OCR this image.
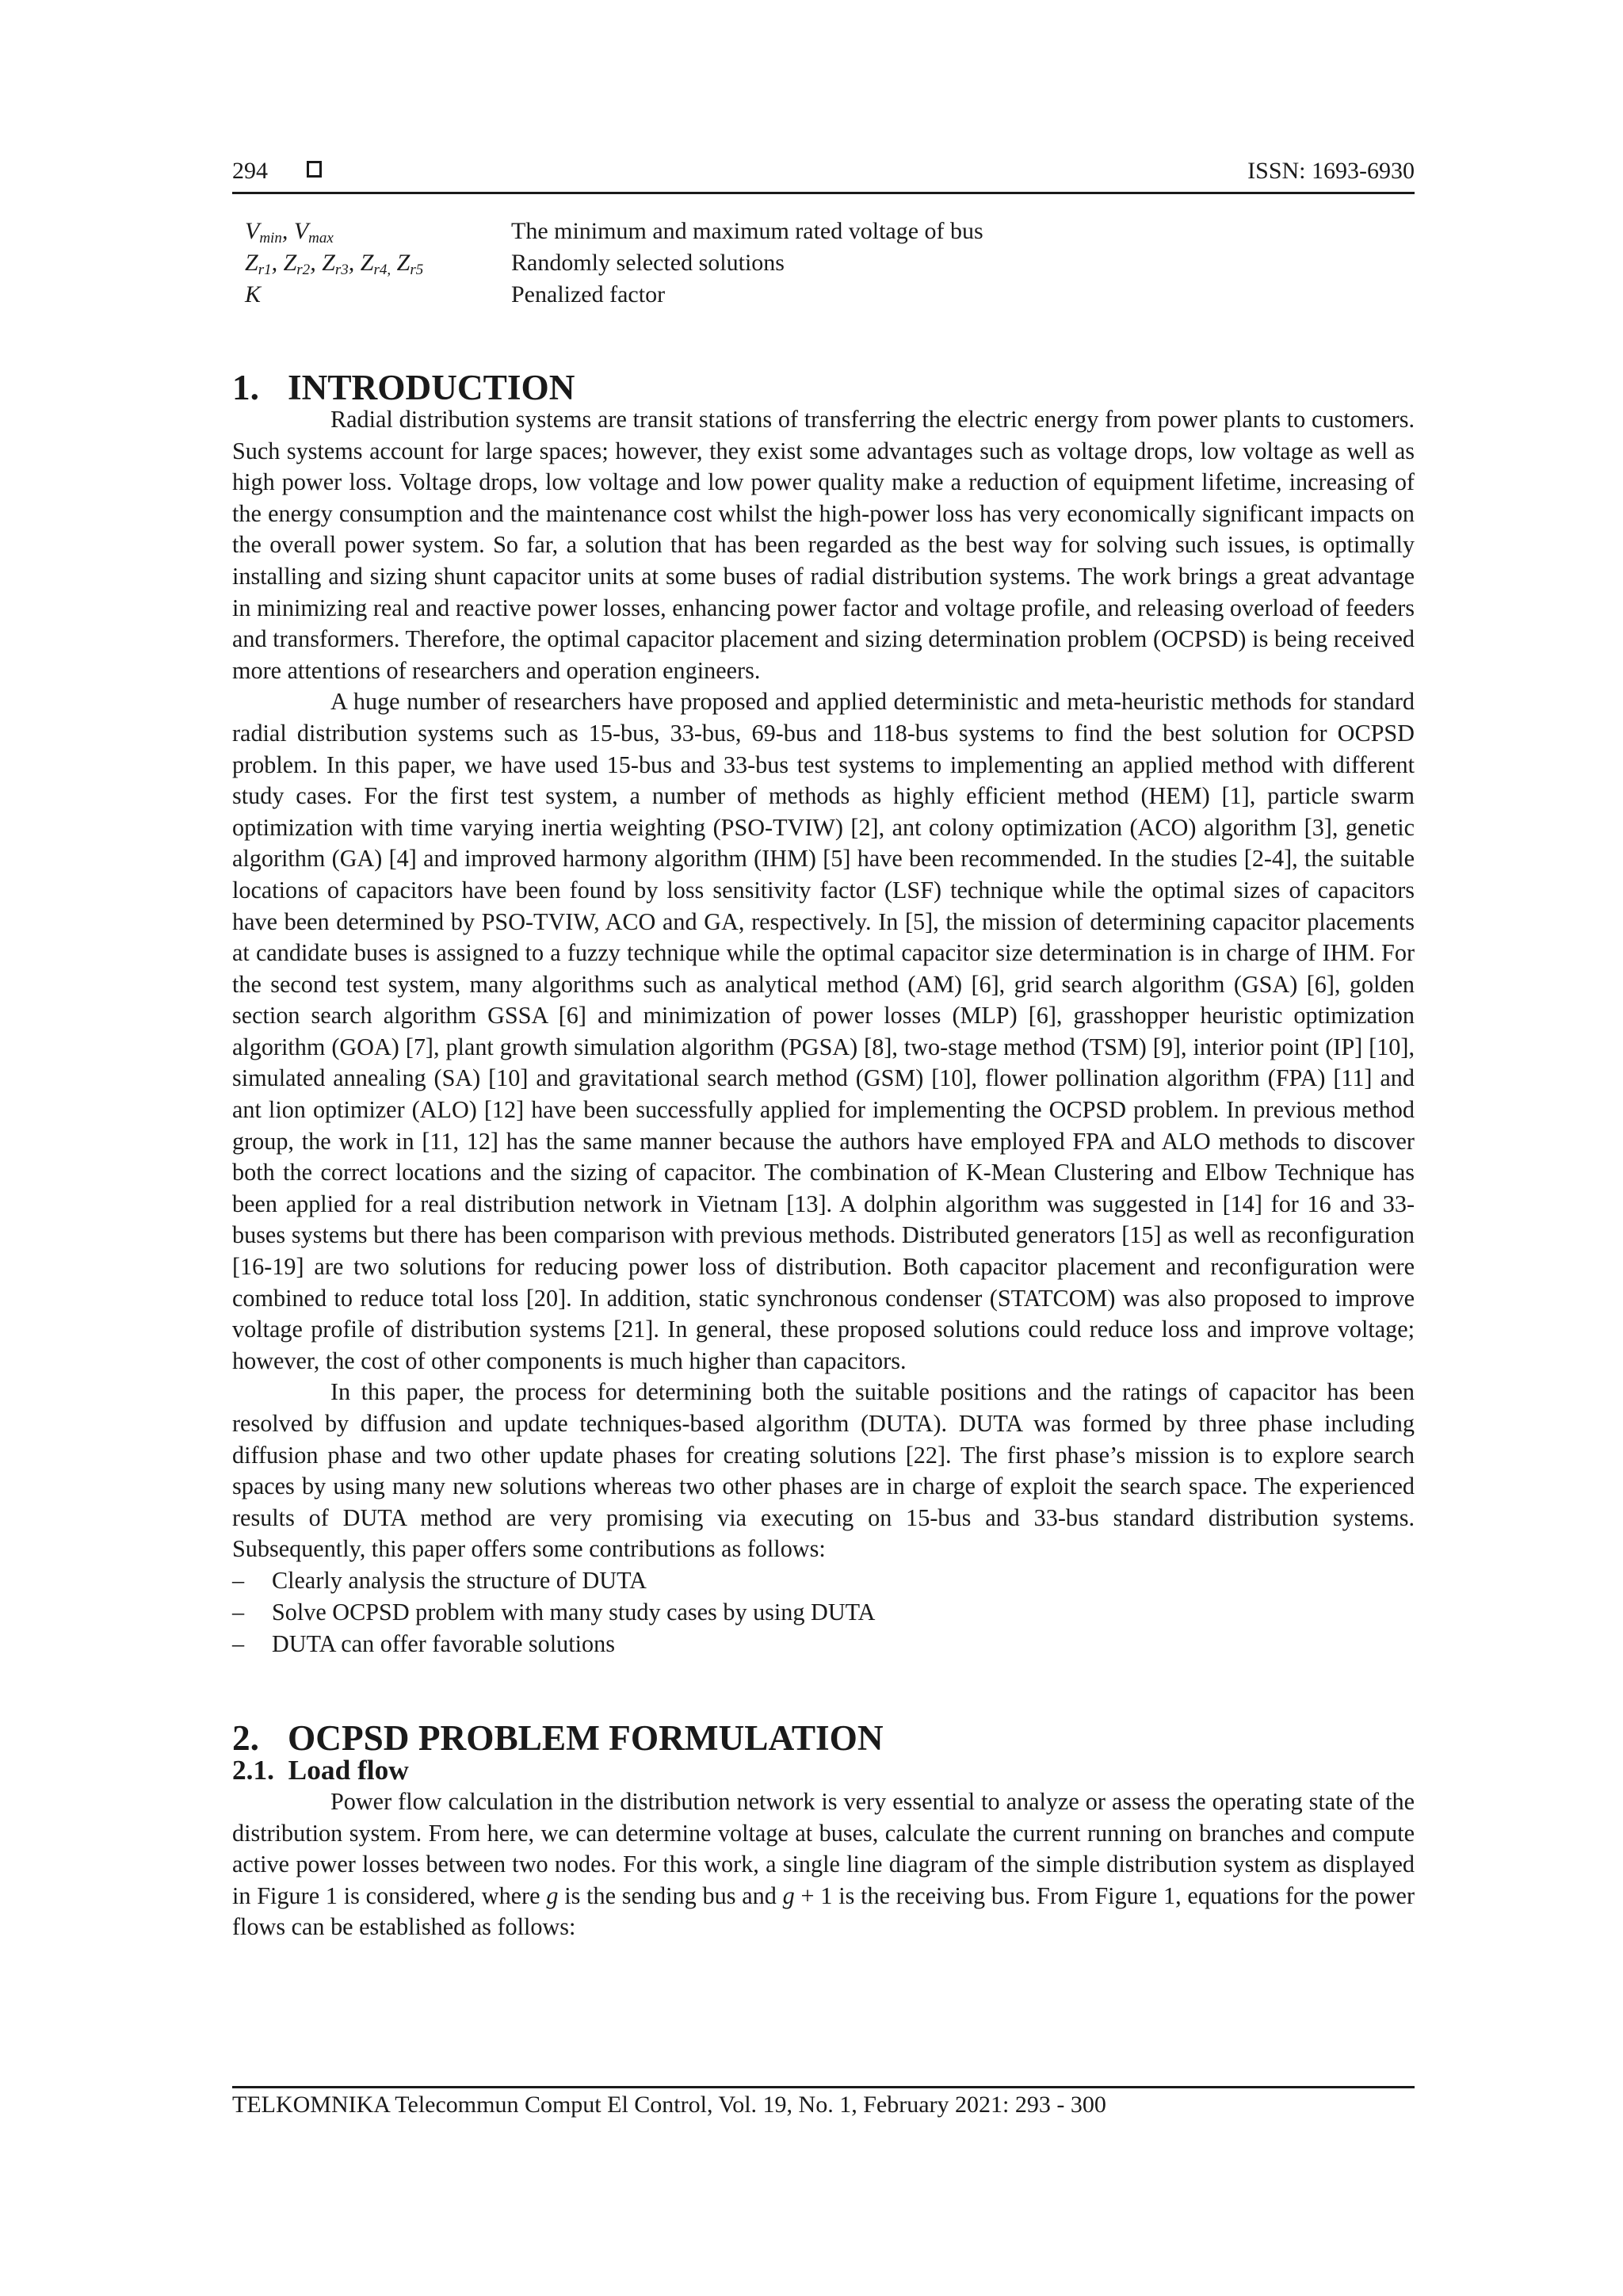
294	ISSN: 1693-6930
$V_{min}$, $V_{max}$	The minimum and maximum rated voltage of bus
$Z_{r1}$, $Z_{r2}$, $Z_{r3}$, $Z_{r4,}$ $Z_{r5}$	Randomly selected solutions
K	Penalized factor
1. INTRODUCTION

Radial distribution systems are transit stations of transferring the electric energy from power plants to customers. Such systems account for large spaces; however, they exist some advantages such as voltage drops, low voltage as well as high power loss. Voltage drops, low voltage and low power quality make a reduction of equipment lifetime, increasing of the energy consumption and the maintenance cost whilst the high-power loss has very economically significant impacts on the overall power system. So far, a solution that has been regarded as the best way for solving such issues, is optimally installing and sizing shunt capacitor units at some buses of radial distribution systems. The work brings a great advantage in minimizing real and reactive power losses, enhancing power factor and voltage profile, and releasing overload of feeders and transformers. Therefore, the optimal capacitor placement and sizing determination problem (OCPSD) is being received more attentions of researchers and operation engineers.

A huge number of researchers have proposed and applied deterministic and meta-heuristic methods for standard radial distribution systems such as 15-bus, 33-bus, 69-bus and 118-bus systems to find the best solution for OCPSD problem. In this paper, we have used 15-bus and 33-bus test systems to implementing an applied method with different study cases. For the first test system, a number of methods as highly efficient method (HEM) [1], particle swarm optimization with time varying inertia weighting (PSO-TVIW) [2], ant colony optimization (ACO) algorithm [3], genetic algorithm (GA) [4] and improved harmony algorithm (IHM) [5] have been recommended. In the studies [2-4], the suitable locations of capacitors have been found by loss sensitivity factor (LSF) technique while the optimal sizes of capacitors have been determined by PSO-TVIW, ACO and GA, respectively. In [5], the mission of determining capacitor placements at candidate buses is assigned to a fuzzy technique while the optimal capacitor size determination is in charge of IHM. For the second test system, many algorithms such as analytical method (AM) [6], grid search algorithm (GSA) [6], golden section search algorithm GSSA [6] and minimization of power losses (MLP) [6], grasshopper heuristic optimization algorithm (GOA) [7], plant growth simulation algorithm (PGSA) [8], two-stage method (TSM) [9], interior point (IP] [10], simulated annealing (SA) [10] and gravitational search method (GSM) [10], flower pollination algorithm (FPA) [11] and ant lion optimizer (ALO) [12] have been successfully applied for implementing the OCPSD problem. In previous method group, the work in [11, 12] has the same manner because the authors have employed FPA and ALO methods to discover both the correct locations and the sizing of capacitor. The combination of K-Mean Clustering and Elbow Technique has been applied for a real distribution network in Vietnam [13]. A dolphin algorithm was suggested in [14] for 16 and 33-buses systems but there has been comparison with previous methods. Distributed generators [15] as well as reconfiguration [16-19] are two solutions for reducing power loss of distribution. Both capacitor placement and reconfiguration were combined to reduce total loss [20]. In addition, static synchronous condenser (STATCOM) was also proposed to improve voltage profile of distribution systems [21]. In general, these proposed solutions could reduce loss and improve voltage; however, the cost of other components is much higher than capacitors.

In this paper, the process for determining both the suitable positions and the ratings of capacitor has been resolved by diffusion and update techniques-based algorithm (DUTA). DUTA was formed by three phase including diffusion phase and two other update phases for creating solutions [22]. The first phase’s mission is to explore search spaces by using many new solutions whereas two other phases are in charge of exploit the search space. The experienced results of DUTA method are very promising via executing on 15-bus and 33-bus standard distribution systems. Subsequently, this paper offers some contributions as follows:

– Clearly analysis the structure of DUTA
– Solve OCPSD problem with many study cases by using DUTA
– DUTA can offer favorable solutions
2. OCPSD PROBLEM FORMULATION
2.1. Load flow

Power flow calculation in the distribution network is very essential to analyze or assess the operating state of the distribution system. From here, we can determine voltage at buses, calculate the current running on branches and compute active power losses between two nodes. For this work, a single line diagram of the simple distribution system as displayed in Figure 1 is considered, where g is the sending bus and g + 1 is the receiving bus. From Figure 1, equations for the power flows can be established as follows:

TELKOMNIKA Telecommun Comput El Control, Vol. 19, No. 1, February 2021: 293 - 300
